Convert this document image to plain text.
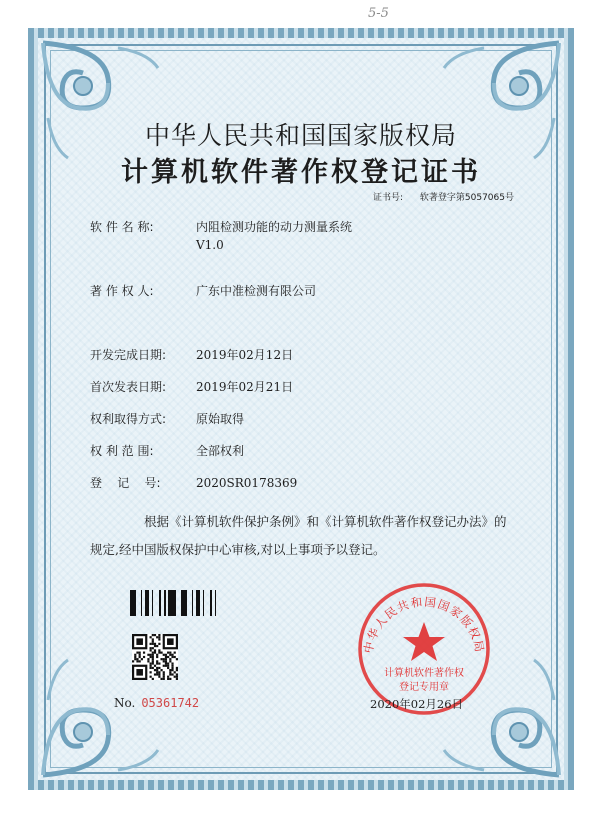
5-5
中华人民共和国国家版权局
计算机软件著作权登记证书
证书号: 软著登字第5057065号
软 件 名 称:	内阻检测功能的动力测量系统
V1.0
著 作 权 人:	广东中准检测有限公司
开发完成日期: 2019年02月12日
首次发表日期: 2019年02月21日
权利取得方式: 原始取得
权 利 范 围:	全部权利
登    记    号:	2020SR0178369
根据《计算机软件保护条例》和《计算机软件著作权登记办法》的
规定,经中国版权保护中心审核,对以上事项予以登记。
No. 05361742
中华人民共和国国家版权局
计算机软件著作权
登记专用章
2020年02月26日
